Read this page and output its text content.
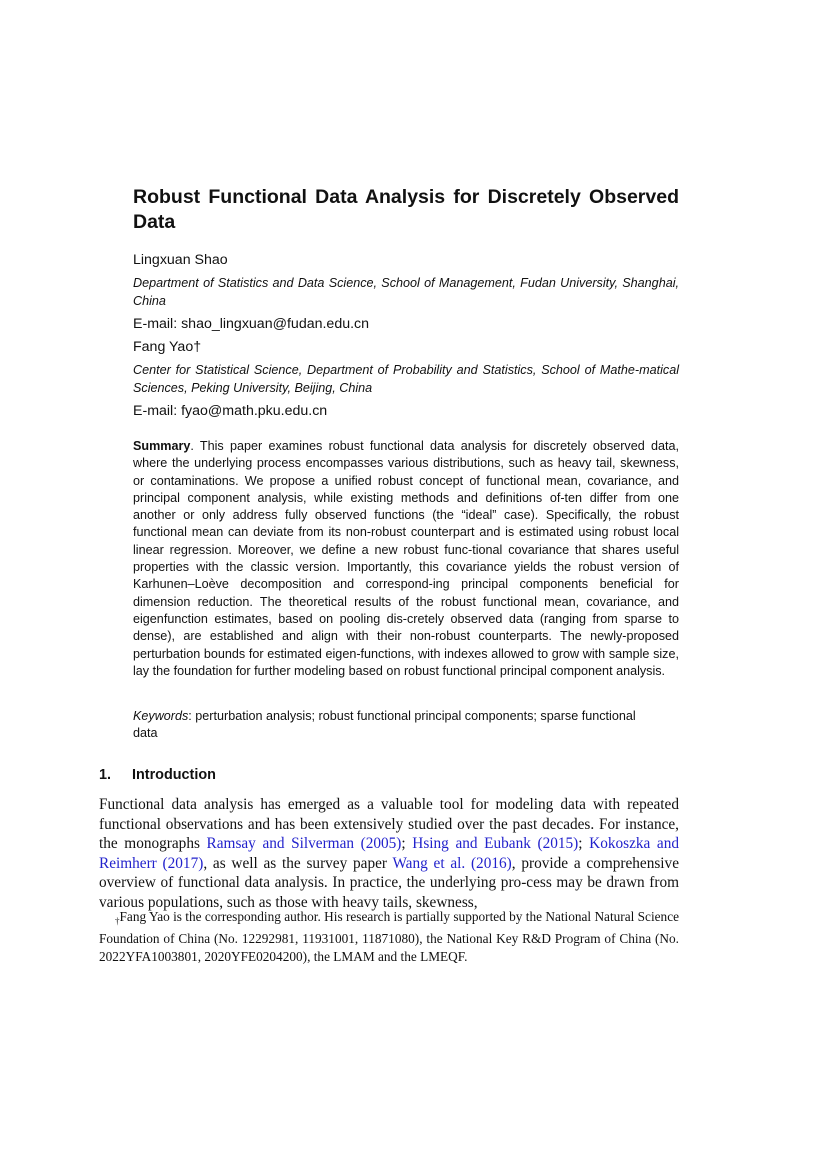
Robust Functional Data Analysis for Discretely Observed Data
Lingxuan Shao
Department of Statistics and Data Science, School of Management, Fudan University, Shanghai, China
E-mail: shao_lingxuan@fudan.edu.cn
Fang Yao†
Center for Statistical Science, Department of Probability and Statistics, School of Mathe-matical Sciences, Peking University, Beijing, China
E-mail: fyao@math.pku.edu.cn
Summary. This paper examines robust functional data analysis for discretely observed data, where the underlying process encompasses various distributions, such as heavy tail, skewness, or contaminations. We propose a unified robust concept of functional mean, covariance, and principal component analysis, while existing methods and definitions of-ten differ from one another or only address fully observed functions (the “ideal” case). Specifically, the robust functional mean can deviate from its non-robust counterpart and is estimated using robust local linear regression. Moreover, we define a new robust func-tional covariance that shares useful properties with the classic version. Importantly, this covariance yields the robust version of Karhunen–Loève decomposition and correspond-ing principal components beneficial for dimension reduction. The theoretical results of the robust functional mean, covariance, and eigenfunction estimates, based on pooling dis-cretely observed data (ranging from sparse to dense), are established and align with their non-robust counterparts. The newly-proposed perturbation bounds for estimated eigen-functions, with indexes allowed to grow with sample size, lay the foundation for further modeling based on robust functional principal component analysis.
Keywords: perturbation analysis; robust functional principal components; sparse functional data
1. Introduction

Functional data analysis has emerged as a valuable tool for modeling data with repeated functional observations and has been extensively studied over the past decades. For instance, the monographs Ramsay and Silverman (2005); Hsing and Eubank (2015); Kokoszka and Reimherr (2017), as well as the survey paper Wang et al. (2016), provide a comprehensive overview of functional data analysis. In practice, the underlying pro-cess may be drawn from various populations, such as those with heavy tails, skewness,

$_\dagger$Fang Yao is the corresponding author. His research is partially supported by the National Natural Science Foundation of China (No. 12292981, 11931001, 11871080), the National Key R&D Program of China (No. 2022YFA1003801, 2020YFE0204200), the LMAM and the LMEQF.
